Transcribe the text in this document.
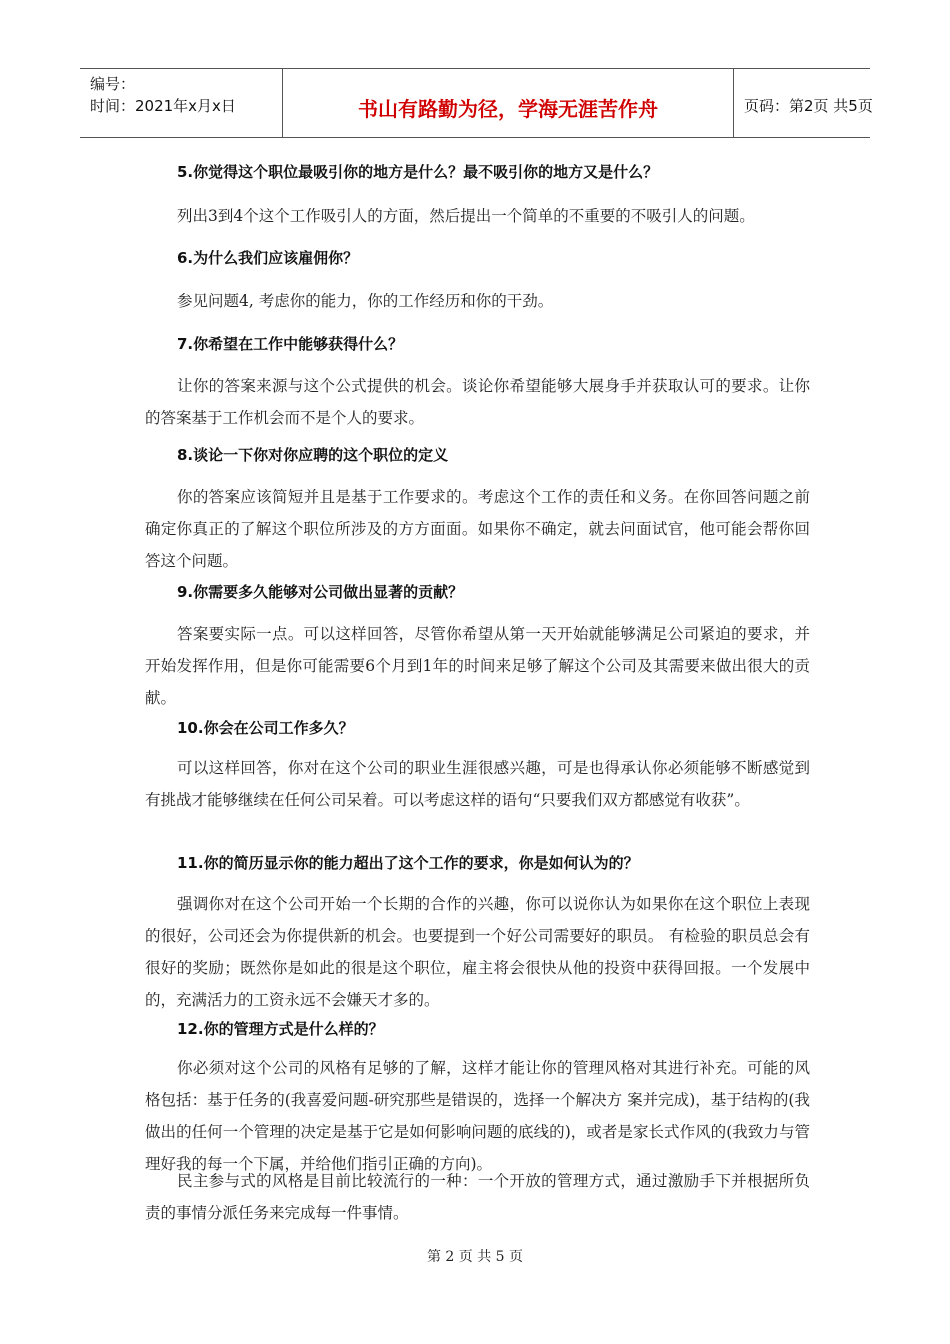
编号：
时间：2021年x月x日	书山有路勤为径，学海无涯苦作舟	页码：第2页 共5页
5.你觉得这个职位最吸引你的地方是什么？最不吸引你的地方又是什么？
列出3到4个这个工作吸引人的方面，然后提出一个简单的不重要的不吸引人的问题。
6.为什么我们应该雇佣你？
参见问题4, 考虑你的能力，你的工作经历和你的干劲。
7.你希望在工作中能够获得什么？
让你的答案来源与这个公式提供的机会。谈论你希望能够大展身手并获取认可的要求。让你的答案基于工作机会而不是个人的要求。
8.谈论一下你对你应聘的这个职位的定义
你的答案应该简短并且是基于工作要求的。考虑这个工作的责任和义务。在你回答问题之前确定你真正的了解这个职位所涉及的方方面面。如果你不确定，就去问面试官，他可能会帮你回答这个问题。
9.你需要多久能够对公司做出显著的贡献？
答案要实际一点。可以这样回答，尽管你希望从第一天开始就能够满足公司紧迫的要求，并开始发挥作用，但是你可能需要6个月到1年的时间来足够了解这个公司及其需要来做出很大的贡献。
10.你会在公司工作多久？
可以这样回答，你对在这个公司的职业生涯很感兴趣，可是也得承认你必须能够不断感觉到有挑战才能够继续在任何公司呆着。可以考虑这样的语句“只要我们双方都感觉有收获”。
11.你的简历显示你的能力超出了这个工作的要求，你是如何认为的？
强调你对在这个公司开始一个长期的合作的兴趣，你可以说你认为如果你在这个职位上表现的很好，公司还会为你提供新的机会。也要提到一个好公司需要好的职员。 有检验的职员总会有很好的奖励；既然你是如此的很是这个职位，雇主将会很快从他的投资中获得回报。一个发展中的，充满活力的工资永远不会嫌天才多的。
12.你的管理方式是什么样的？
你必须对这个公司的风格有足够的了解，这样才能让你的管理风格对其进行补充。可能的风格包括：基于任务的(我喜爱问题-研究那些是错误的，选择一个解决方 案并完成)，基于结构的(我做出的任何一个管理的决定是基于它是如何影响问题的底线的)，或者是家长式作风的(我致力与管理好我的每一个下属，并给他们指引正确的方向)。
民主参与式的风格是目前比较流行的一种：一个开放的管理方式，通过激励手下并根据所负责的事情分派任务来完成每一件事情。
第 2 页 共 5 页
